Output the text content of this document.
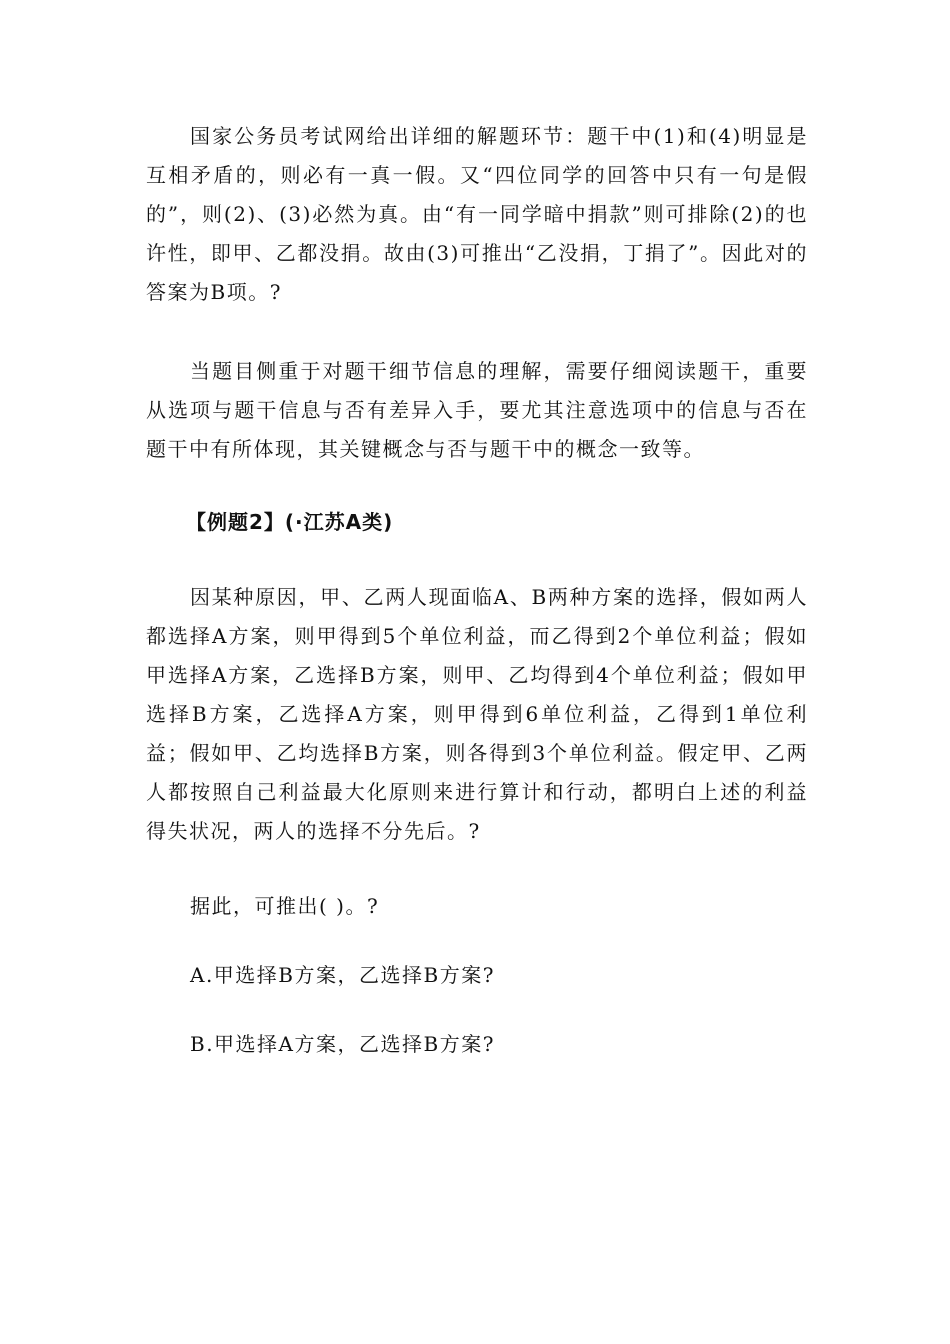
国家公务员考试网给出详细的解题环节：题干中(1)和(4)明显是互相矛盾的，则必有一真一假。又“四位同学的回答中只有一句是假的”，则(2)、(3)必然为真。由“有一同学暗中捐款”则可排除(2)的也许性，即甲、乙都没捐。故由(3)可推出“乙没捐，丁捐了”。因此对的答案为B项。?

当题目侧重于对题干细节信息的理解，需要仔细阅读题干，重要从选项与题干信息与否有差异入手，要尤其注意选项中的信息与否在题干中有所体现，其关键概念与否与题干中的概念一致等。

【例题2】(·江苏A类)

因某种原因，甲、乙两人现面临A、B两种方案的选择，假如两人都选择A方案，则甲得到5个单位利益，而乙得到2个单位利益；假如甲选择A方案，乙选择B方案，则甲、乙均得到4个单位利益；假如甲选择B方案，乙选择A方案，则甲得到6单位利益，乙得到1单位利益；假如甲、乙均选择B方案，则各得到3个单位利益。假定甲、乙两人都按照自己利益最大化原则来进行算计和行动，都明白上述的利益得失状况，两人的选择不分先后。?

据此，可推出( )。?

A.甲选择B方案，乙选择B方案?

B.甲选择A方案，乙选择B方案?
